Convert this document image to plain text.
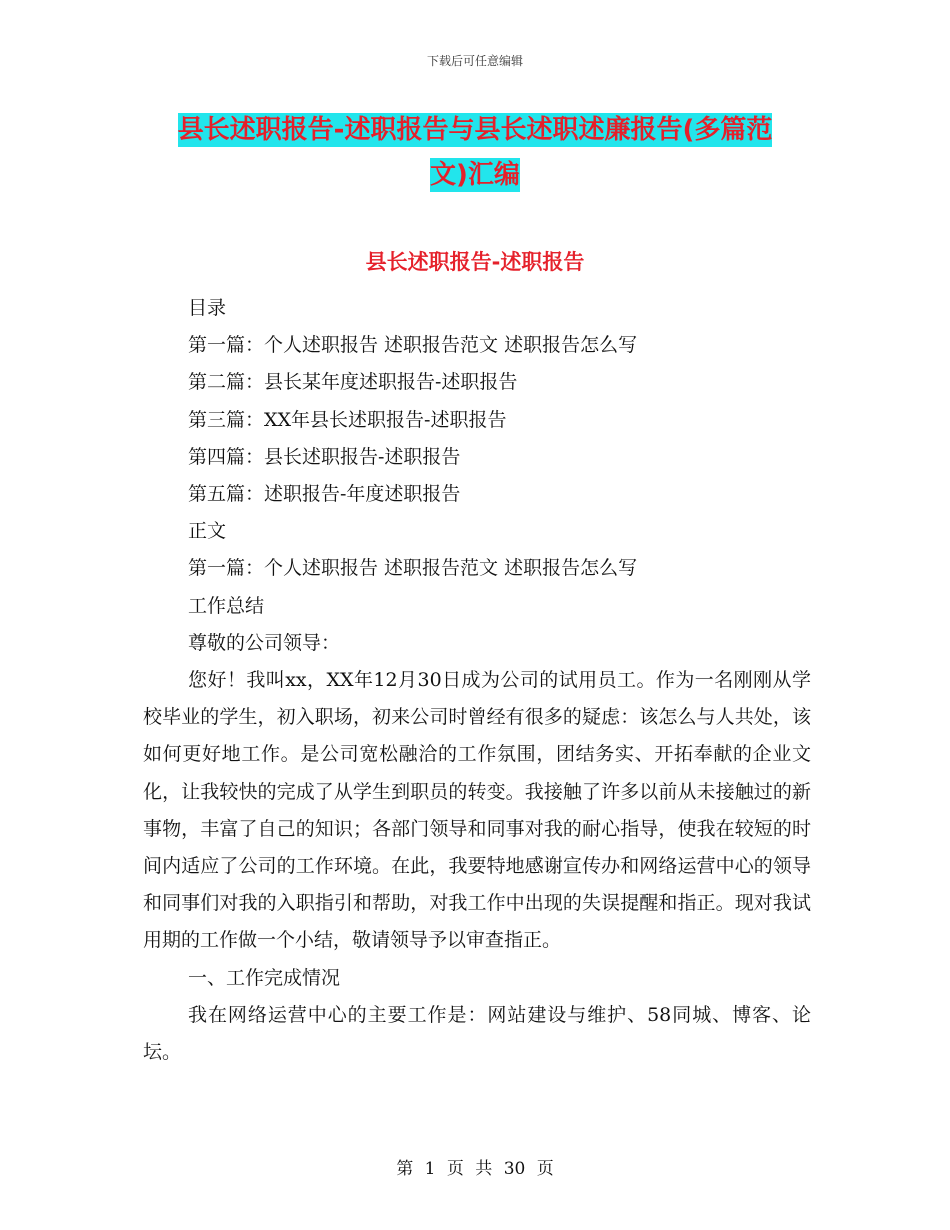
下载后可任意编辑
县长述职报告-述职报告与县长述职述廉报告(多篇范
文)汇编
县长述职报告-述职报告

目录

第一篇：个人述职报告 述职报告范文 述职报告怎么写

第二篇：县长某年度述职报告-述职报告

第三篇：XX年县长述职报告-述职报告

第四篇：县长述职报告-述职报告

第五篇：述职报告-年度述职报告

正文

第一篇：个人述职报告 述职报告范文 述职报告怎么写

工作总结

尊敬的公司领导：

您好！我叫xx，XX年12月30日成为公司的试用员工。作为一名刚刚从学校毕业的学生，初入职场，初来公司时曾经有很多的疑虑：该怎么与人共处，该如何更好地工作。是公司宽松融洽的工作氛围，团结务实、开拓奉献的企业文化，让我较快的完成了从学生到职员的转变。我接触了许多以前从未接触过的新事物，丰富了自己的知识；各部门领导和同事对我的耐心指导，使我在较短的时间内适应了公司的工作环境。在此，我要特地感谢宣传办和网络运营中心的领导和同事们对我的入职指引和帮助，对我工作中出现的失误提醒和指正。现对我试用期的工作做一个小结，敬请领导予以审查指正。

一、工作完成情况

我在网络运营中心的主要工作是：网站建设与维护、58同城、博客、论坛。

第 1 页 共 30 页
